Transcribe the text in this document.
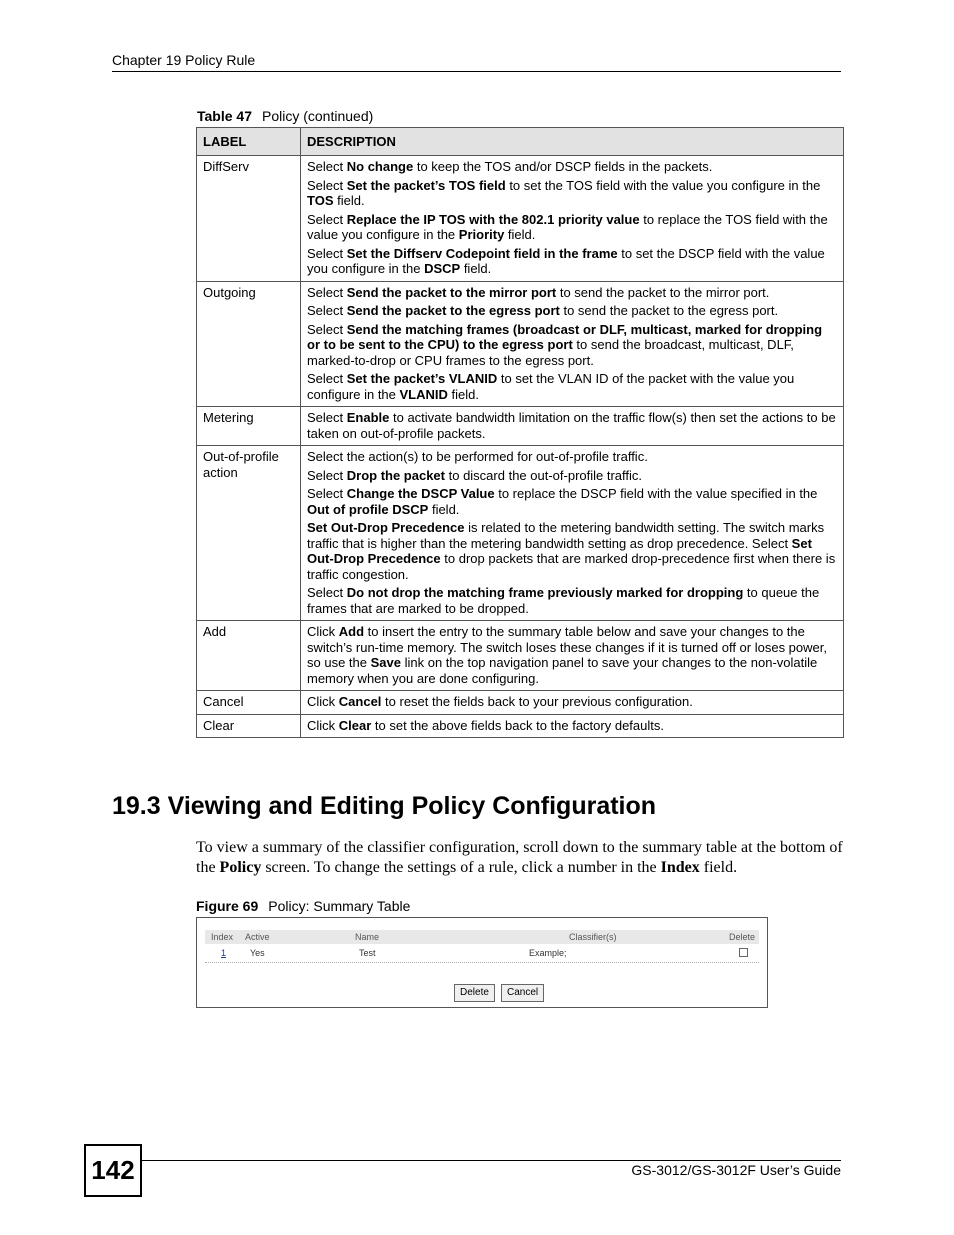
Chapter 19 Policy Rule
Table 47 Policy (continued)
LABEL	DESCRIPTION
DiffServ	Select No change to keep the TOS and/or DSCP fields in the packets.

Select Set the packet’s TOS field to set the TOS field with the value you configure in the TOS field.

Select Replace the IP TOS with the 802.1 priority value to replace the TOS field with the value you configure in the Priority field.

Select Set the Diffserv Codepoint field in the frame to set the DSCP field with the value you configure in the DSCP field.

Outgoing	Select Send the packet to the mirror port to send the packet to the mirror port.

Select Send the packet to the egress port to send the packet to the egress port.

Select Send the matching frames (broadcast or DLF, multicast, marked for dropping or to be sent to the CPU) to the egress port to send the broadcast, multicast, DLF, marked-to-drop or CPU frames to the egress port.

Select Set the packet’s VLANID to set the VLAN ID of the packet with the value you configure in the VLANID field.

Metering	Select Enable to activate bandwidth limitation on the traffic flow(s) then set the actions to be taken on out-of-profile packets.

Out-of-profile action	Select the action(s) to be performed for out-of-profile traffic.

Select Drop the packet to discard the out-of-profile traffic.

Select Change the DSCP Value to replace the DSCP field with the value specified in the Out of profile DSCP field.

Set Out-Drop Precedence is related to the metering bandwidth setting. The switch marks traffic that is higher than the metering bandwidth setting as drop precedence. Select Set Out-Drop Precedence to drop packets that are marked drop-precedence first when there is traffic congestion.

Select Do not drop the matching frame previously marked for dropping to queue the frames that are marked to be dropped.

Add	Click Add to insert the entry to the summary table below and save your changes to the switch’s run-time memory. The switch loses these changes if it is turned off or loses power, so use the Save link on the top navigation panel to save your changes to the non-volatile memory when you are done configuring.

Cancel	Click Cancel to reset the fields back to your previous configuration.

Clear	Click Clear to set the above fields back to the factory defaults.

19.3 Viewing and Editing Policy Configuration

To view a summary of the classifier configuration, scroll down to the summary table at the bottom of the Policy screen. To change the settings of a rule, click a number in the Index field.

Figure 69 Policy: Summary Table
Index Active	Name	Classifier(s)	Delete
1	Yes	Test	Example;
Delete	Cancel
142	GS-3012/GS-3012F User’s Guide
